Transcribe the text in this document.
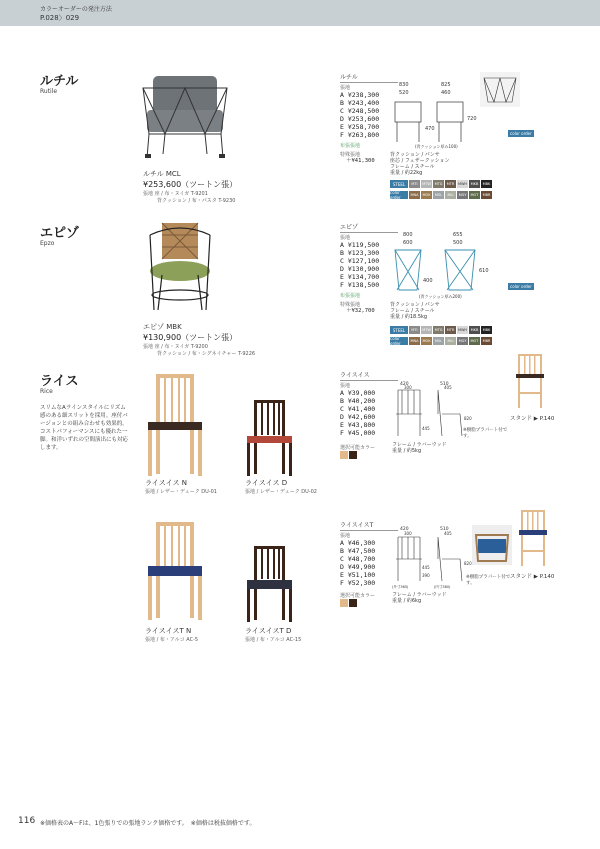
カラーオーダーの発注方法
P.028〉029
ルチル
Rutile
ルチル MCL
¥253,600（ツートン張）
張地 座 / 布・ヌイガ T-9201
背クッション / 布・パスタ T-9230
ルチル
張地
A ¥238,300
B ¥243,400
C ¥248,500
D ¥253,600
E ¥258,700
F ¥263,800
布張張地
特殊張地
＋¥41,300
830
520
825
460
470
720
(背クッション厚み100)
color order
背クッション / パンサ
座芯 / フェザークッション
フレーム / スチール
重量 / 約22kg
STEEL	MTI	MTW	MTG	MTR	MWH	MKB	MBK
color order	MNA	MOK	MSL	MLI	MGY	MOT	MBR
エピゾ
Epzo
エピゾ MBK
¥130,900（ツートン張）
張地 座 / 布・ヌイガ T-9200
背クッション / 布・シグネイチャー T-9226
エピゾ
張地
A ¥119,500
B ¥123,300
C ¥127,100
D ¥130,900
E ¥134,700
F ¥138,500
布張張地
特殊張地
＋¥32,700
800
600
655
500
400
610
(背クッション厚み200)
color order
背クッション / パンサ
フレーム / スチール
重量 / 約18.5kg
STEEL	MTI	MTW	MTG	MTR	MWH	MKB	MBK
color order	MNA	MOK	MSL	MLI	MGY	MOT	MBR
ライス
Rice
スリムなAラインスタイルにリズム感のある細スリットを採用。座付バージョンとの組み合わせも効果的。コストパフォーマンスにも優れた一脚。和洋いずれの空間演出にも対応します。
ライスイス N
張地 / レザー・デューク DU-01
ライスイス D
張地 / レザー・デューク DU-02
ライスイス
張地
A ¥39,000
B ¥40,200
C ¥41,400
D ¥42,600
E ¥43,800
F ¥45,000
選択可能カラー
420	510
300	405
445
820
フレーム / ラバーウッド
重量 / 約5kg
※樹脂プラパート付です。
スタンド ▶ P.140
ライスイスT N
張地 / 布・アルコ AC-5
ライスイスT D
張地 / 布・アルコ AC-15
ライスイスT
張地
A ¥46,300
B ¥47,500
C ¥48,700
D ¥49,900
E ¥51,100
F ¥52,300
選択可能カラー
420	510
300	405
445
390
820
(外寸365)	(内寸380)
フレーム / ラバーウッド
重量 / 約6kg
※樹脂プラパート付です。
スタンド ▶ P.140
116 ※価格表のA〜Fは、1色張りでの張地ランク価格です。　※価格は税抜価格です。
